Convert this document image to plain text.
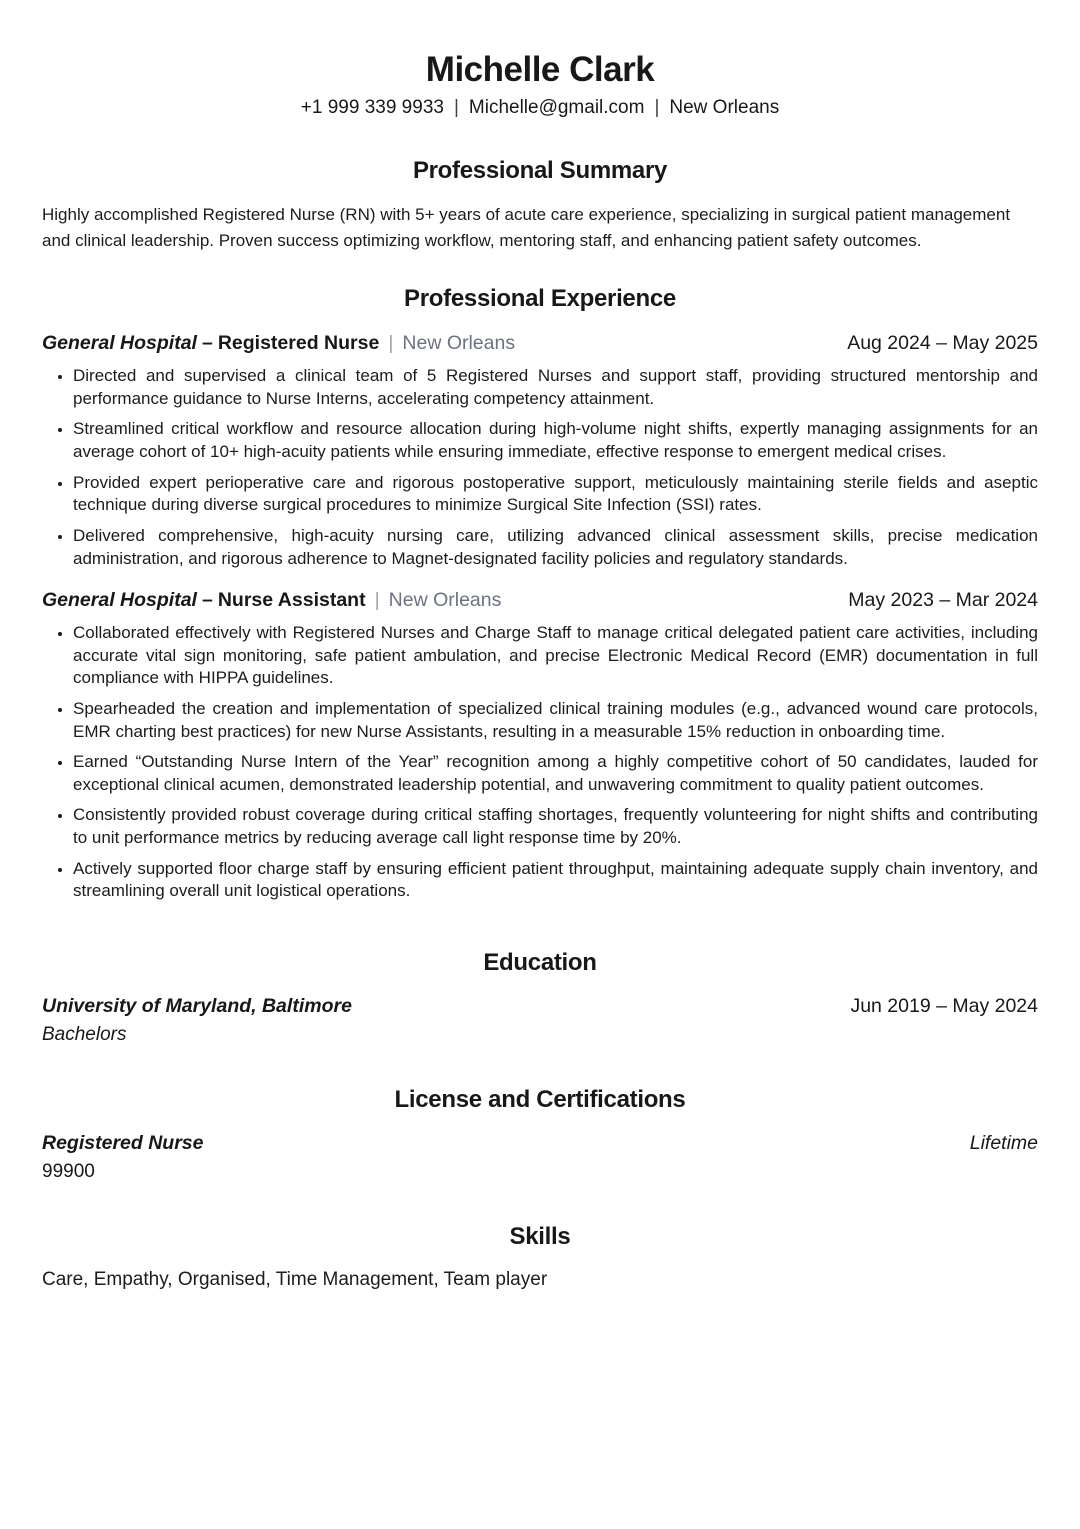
Michelle Clark
+1 999 339 9933 | Michelle@gmail.com | New Orleans
Professional Summary

Highly accomplished Registered Nurse (RN) with 5+ years of acute care experience, specializing in surgical patient management and clinical leadership. Proven success optimizing workflow, mentoring staff, and enhancing patient safety outcomes.

Professional Experience
General Hospital – Registered Nurse | New Orleans	Aug 2024 – May 2025
• Directed and supervised a clinical team of 5 Registered Nurses and support staff, providing structured mentorship and performance guidance to Nurse Interns, accelerating competency attainment.
• Streamlined critical workflow and resource allocation during high-volume night shifts, expertly managing assignments for an average cohort of 10+ high-acuity patients while ensuring immediate, effective response to emergent medical crises.
• Provided expert perioperative care and rigorous postoperative support, meticulously maintaining sterile fields and aseptic technique during diverse surgical procedures to minimize Surgical Site Infection (SSI) rates.
• Delivered comprehensive, high-acuity nursing care, utilizing advanced clinical assessment skills, precise medication administration, and rigorous adherence to Magnet-designated facility policies and regulatory standards.
General Hospital – Nurse Assistant | New Orleans	May 2023 – Mar 2024
• Collaborated effectively with Registered Nurses and Charge Staff to manage critical delegated patient care activities, including accurate vital sign monitoring, safe patient ambulation, and precise Electronic Medical Record (EMR) documentation in full compliance with HIPPA guidelines.
• Spearheaded the creation and implementation of specialized clinical training modules (e.g., advanced wound care protocols, EMR charting best practices) for new Nurse Assistants, resulting in a measurable 15% reduction in onboarding time.
• Earned “Outstanding Nurse Intern of the Year” recognition among a highly competitive cohort of 50 candidates, lauded for exceptional clinical acumen, demonstrated leadership potential, and unwavering commitment to quality patient outcomes.
• Consistently provided robust coverage during critical staffing shortages, frequently volunteering for night shifts and contributing to unit performance metrics by reducing average call light response time by 20%.
• Actively supported floor charge staff by ensuring efficient patient throughput, maintaining adequate supply chain inventory, and streamlining overall unit logistical operations.
Education
University of Maryland, Baltimore	Jun 2019 – May 2024
Bachelors
License and Certifications
Registered Nurse	Lifetime
99900
Skills

Care, Empathy, Organised, Time Management, Team player
